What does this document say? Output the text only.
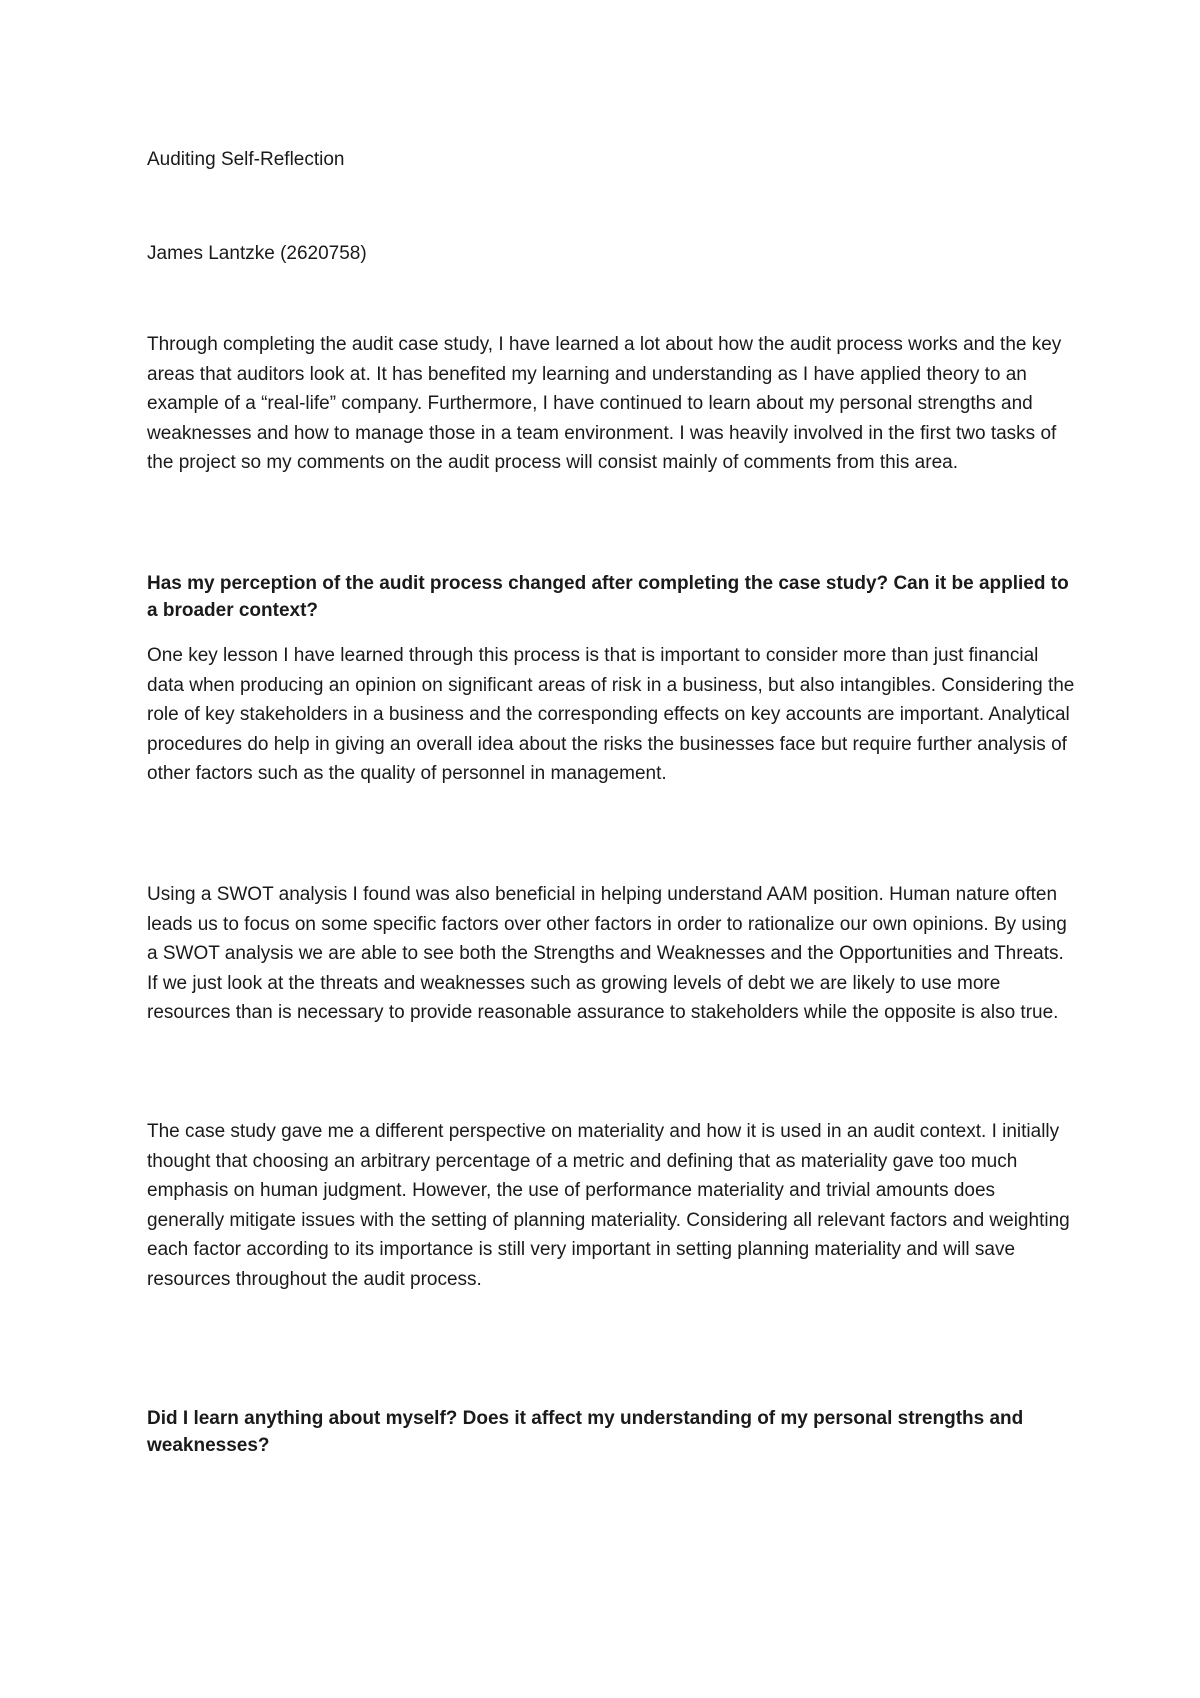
Auditing Self-Reflection
James Lantzke (2620758)

Through completing the audit case study, I have learned a lot about how the audit process works and the key areas that auditors look at. It has benefited my learning and understanding as I have applied theory to an example of a “real-life” company. Furthermore, I have continued to learn about my personal strengths and weaknesses and how to manage those in a team environment. I was heavily involved in the first two tasks of the project so my comments on the audit process will consist mainly of comments from this area.

Has my perception of the audit process changed after completing the case study? Can it be applied to a broader context?

One key lesson I have learned through this process is that is important to consider more than just financial data when producing an opinion on significant areas of risk in a business, but also intangibles. Considering the role of key stakeholders in a business and the corresponding effects on key accounts are important. Analytical procedures do help in giving an overall idea about the risks the businesses face but require further analysis of other factors such as the quality of personnel in management.

Using a SWOT analysis I found was also beneficial in helping understand AAM position. Human nature often leads us to focus on some specific factors over other factors in order to rationalize our own opinions. By using a SWOT analysis we are able to see both the Strengths and Weaknesses and the Opportunities and Threats. If we just look at the threats and weaknesses such as growing levels of debt we are likely to use more resources than is necessary to provide reasonable assurance to stakeholders while the opposite is also true.

The case study gave me a different perspective on materiality and how it is used in an audit context. I initially thought that choosing an arbitrary percentage of a metric and defining that as materiality gave too much emphasis on human judgment. However, the use of performance materiality and trivial amounts does generally mitigate issues with the setting of planning materiality. Considering all relevant factors and weighting each factor according to its importance is still very important in setting planning materiality and will save resources throughout the audit process.

Did I learn anything about myself? Does it affect my understanding of my personal strengths and weaknesses?
